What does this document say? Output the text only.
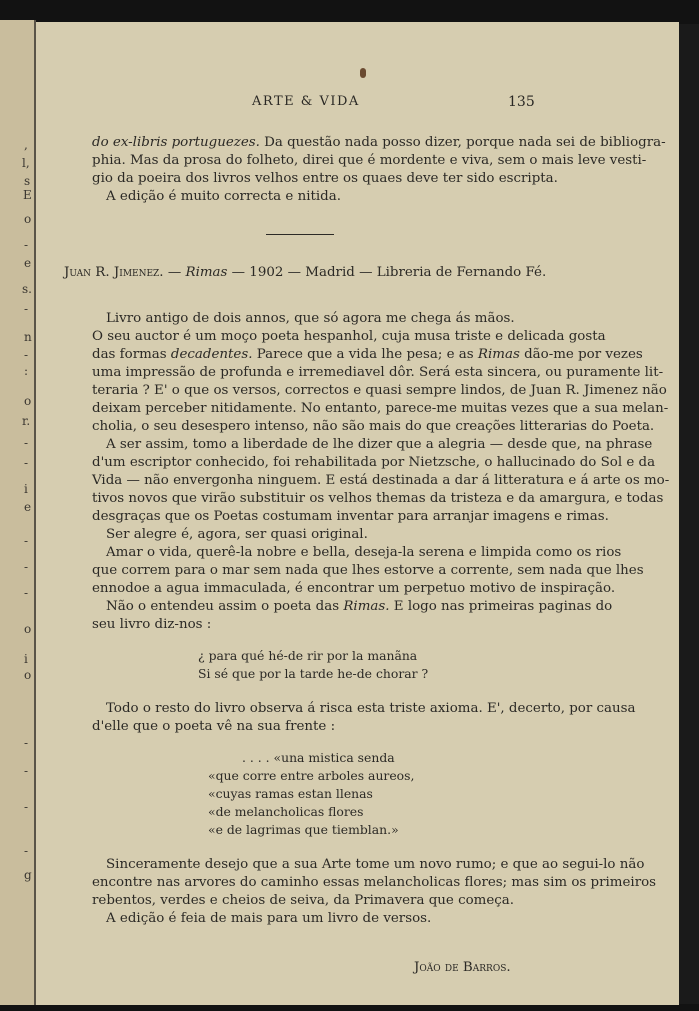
,
l,
s
E
o
-
e
s.
-
n
-
:
o
r.
-
-
i
e
-
-
-
o
i
o
-
-
-
-
g
ARTE & VIDA	135
do ex-libris portuguezes. Da questão nada posso dizer, porque nada sei de bibliogra-
phia. Mas da prosa do folheto, direi que é mordente e viva, sem o mais leve vesti-
gio da poeira dos livros velhos entre os quaes deve ter sido escripta.
A edição é muito correcta e nitida.
Juan R. Jimenez. — Rimas — 1902 — Madrid — Libreria de Fernando Fé.
Livro antigo de dois annos, que só agora me chega ás mãos.
O seu auctor é um moço poeta hespanhol, cuja musa triste e delicada gosta
das formas decadentes. Parece que a vida lhe pesa; e as Rimas dão-me por vezes
uma impressão de profunda e irremediavel dôr. Será esta sincera, ou puramente lit-
teraria ? E' o que os versos, correctos e quasi sempre lindos, de Juan R. Jimenez não
deixam perceber nitidamente. No entanto, parece-me muitas vezes que a sua melan-
cholia, o seu desespero intenso, não são mais do que creações litterarias do Poeta.
A ser assim, tomo a liberdade de lhe dizer que a alegria — desde que, na phrase
d'um escriptor conhecido, foi rehabilitada por Nietzsche, o hallucinado do Sol e da
Vida — não envergonha ninguem. E está destinada a dar á litteratura e á arte os mo-
tivos novos que virão substituir os velhos themas da tristeza e da amargura, e todas
desgraças que os Poetas costumam inventar para arranjar imagens e rimas.
Ser alegre é, agora, ser quasi original.
Amar o vida, querê-la nobre e bella, deseja-la serena e limpida como os rios
que correm para o mar sem nada que lhes estorve a corrente, sem nada que lhes
ennodoe a agua immaculada, é encontrar um perpetuo motivo de inspiração.
Não o entendeu assim o poeta das Rimas. E logo nas primeiras paginas do
seu livro diz-nos :
¿ para qué hé-de rir por la manãna
Si sé que por la tarde he-de chorar ?
Todo o resto do livro observa á risca esta triste axioma. E', decerto, por causa
d'elle que o poeta vê na sua frente :
. . . . «una mistica senda
«que corre entre arboles aureos,
«cuyas ramas estan llenas
«de melancholicas flores
«e de lagrimas que tiemblan.»
Sinceramente desejo que a sua Arte tome um novo rumo; e que ao segui-lo não
encontre nas arvores do caminho essas melancholicas flores; mas sim os primeiros
rebentos, verdes e cheios de seiva, da Primavera que começa.
A edição é feia de mais para um livro de versos.
João de Barros.
